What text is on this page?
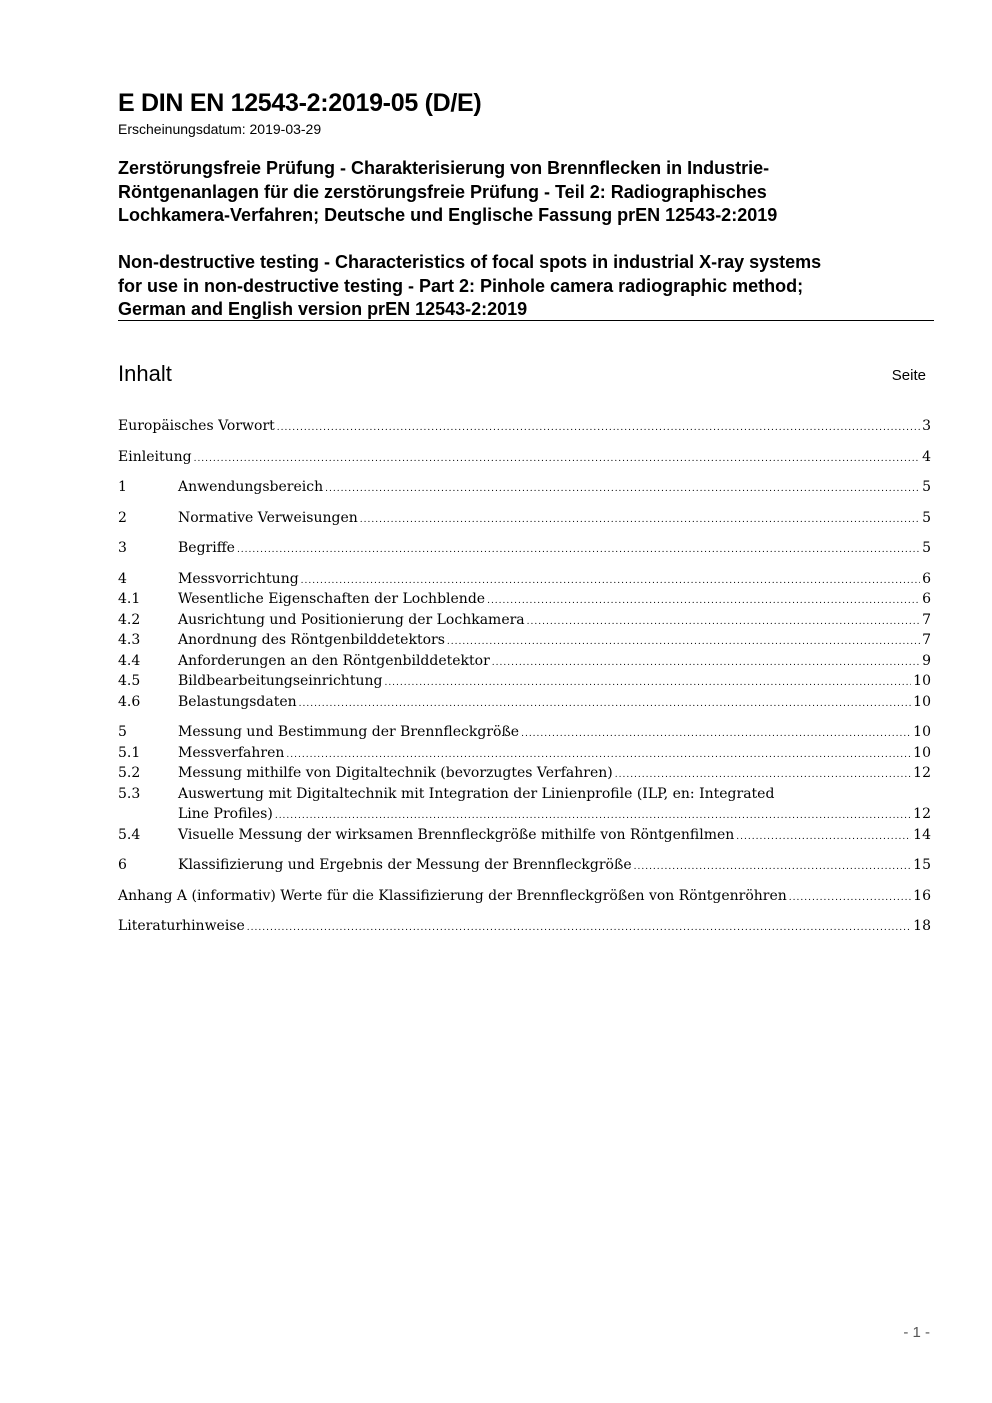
E DIN EN 12543-2:2019-05 (D/E)
Erscheinungsdatum: 2019-03-29
Zerstörungsfreie Prüfung - Charakterisierung von Brennflecken in Industrie-
Röntgenanlagen für die zerstörungsfreie Prüfung - Teil 2: Radiographisches
Lochkamera-Verfahren; Deutsche und Englische Fassung prEN 12543-2:2019
Non-destructive testing - Characteristics of focal spots in industrial X-ray systems
for use in non-destructive testing - Part 2: Pinhole camera radiographic method;
German and English version prEN 12543-2:2019
Inhalt	Seite
Europäisches Vorwort .....	3
Einleitung .....	4
1	Anwendungsbereich .....	5
2	Normative Verweisungen .....	5
3	Begriffe .....	5
4	Messvorrichtung .....	6
4.1	Wesentliche Eigenschaften der Lochblende .....	6
4.2	Ausrichtung und Positionierung der Lochkamera .....	7
4.3	Anordnung des Röntgenbilddetektors .....	7
4.4	Anforderungen an den Röntgenbilddetektor .....	9
4.5	Bildbearbeitungseinrichtung .....	10
4.6	Belastungsdaten .....	10
5	Messung und Bestimmung der Brennfleckgröße .....	10
5.1	Messverfahren .....	10
5.2	Messung mithilfe von Digitaltechnik (bevorzugtes Verfahren) .....	12
5.3	Auswertung mit Digitaltechnik mit Integration der Linienprofile (ILP, en: Integrated
Line Profiles) .....	12
5.4	Visuelle Messung der wirksamen Brennfleckgröße mithilfe von Röntgenfilmen .....	14
6	Klassifizierung und Ergebnis der Messung der Brennfleckgröße .....	15
Anhang A (informativ) Werte für die Klassifizierung der Brennfleckgrößen von Röntgenröhren .....	16
Literaturhinweise .....	18
- 1 -
